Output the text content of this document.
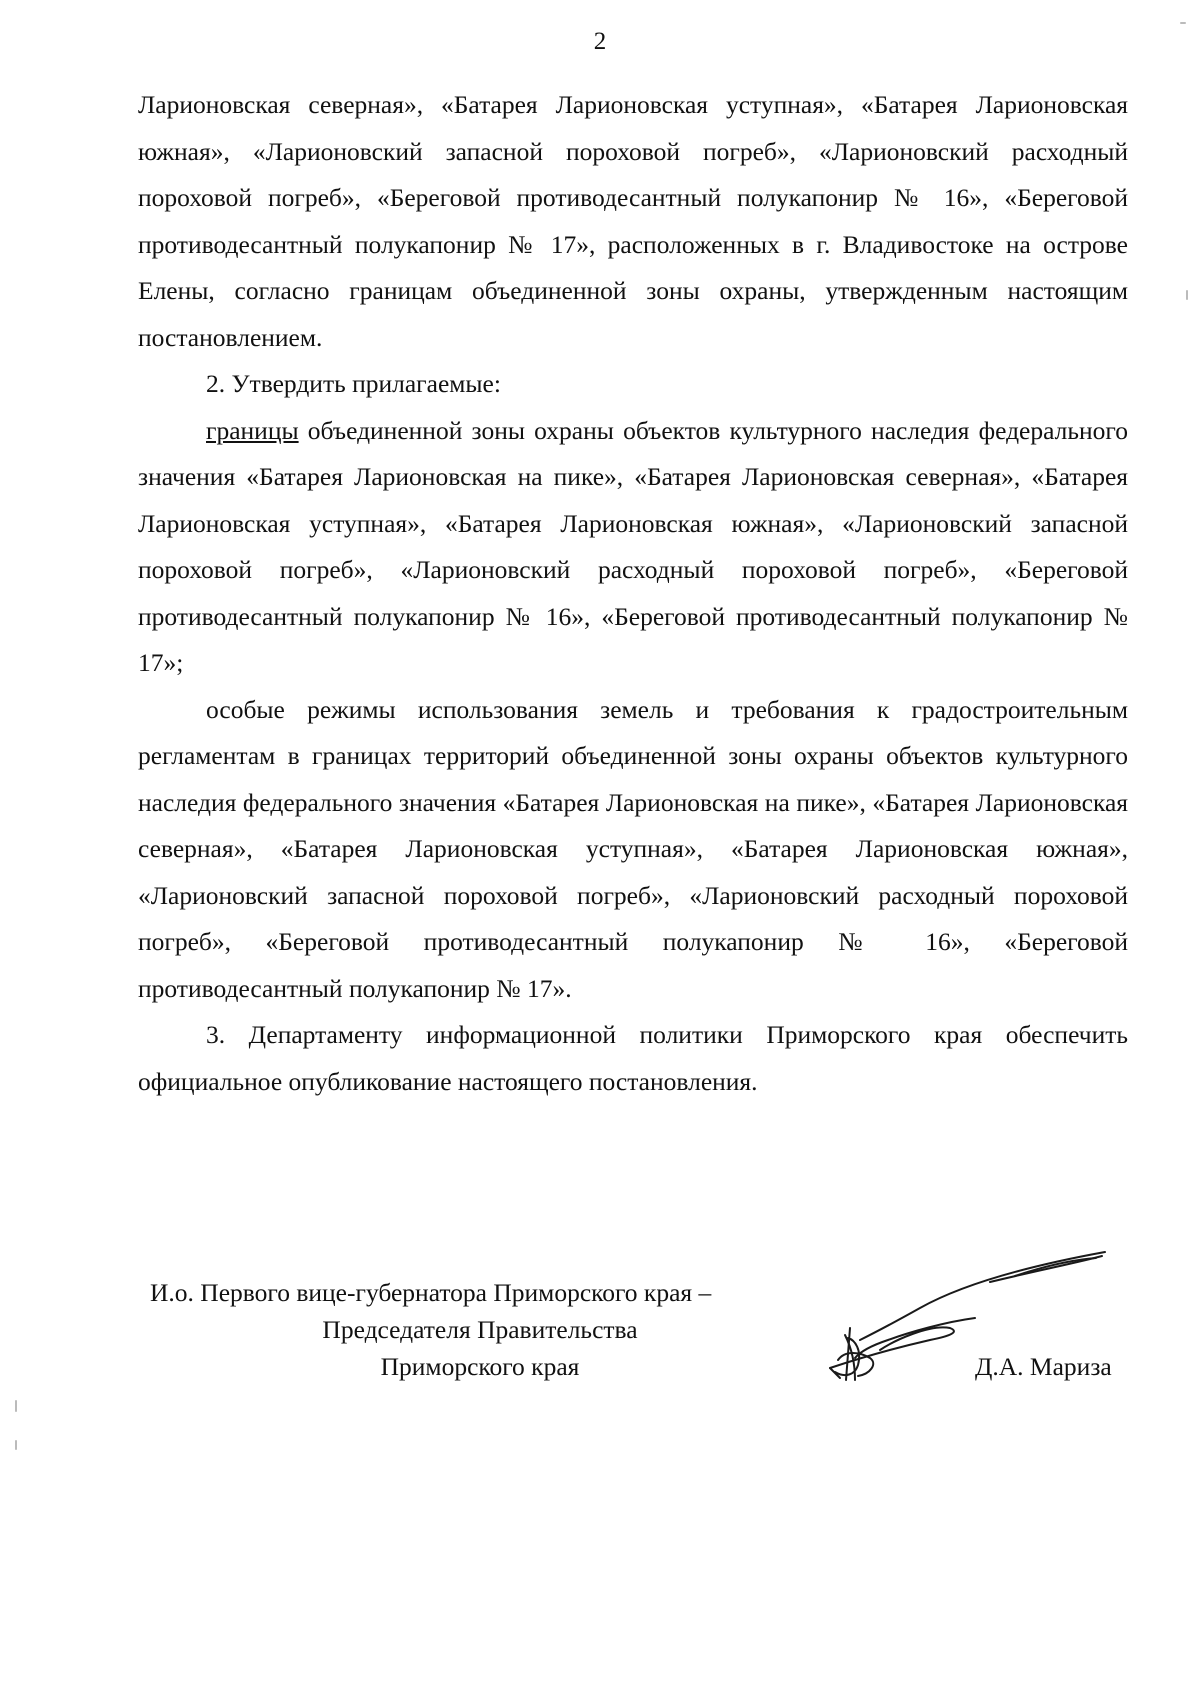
2

Ларионовская северная», «Батарея Ларионовская уступная», «Батарея Ларионовская южная», «Ларионовский запасной пороховой погреб», «Ларионовский расходный пороховой погреб», «Береговой противодесантный полукапонир № 16», «Береговой противодесантный полукапонир № 17», расположенных в г. Владивостоке на острове Елены, согласно границам объединенной зоны охраны, утвержденным настоящим постановлением.

2. Утвердить прилагаемые:

границы объединенной зоны охраны объектов культурного наследия федерального значения «Батарея Ларионовская на пике», «Батарея Ларионовская северная», «Батарея Ларионовская уступная», «Батарея Ларионовская южная», «Ларионовский запасной пороховой погреб», «Ларионовский расходный пороховой погреб», «Береговой противодесантный полукапонир № 16», «Береговой противодесантный полукапонир № 17»;

особые режимы использования земель и требования к градостроительным регламентам в границах территорий объединенной зоны охраны объектов культурного наследия федерального значения «Батарея Ларионовская на пике», «Батарея Ларионовская северная», «Батарея Ларионовская уступная», «Батарея Ларионовская южная», «Ларионовский запасной пороховой погреб», «Ларионовский расходный пороховой погреб», «Береговой противодесантный полукапонир № 16», «Береговой противодесантный полукапонир № 17».

3. Департаменту информационной политики Приморского края обеспечить официальное опубликование настоящего постановления.

И.о. Первого вице-губернатора Приморского края –
Председателя Правительства
Приморского края	Д.А. Мариза
